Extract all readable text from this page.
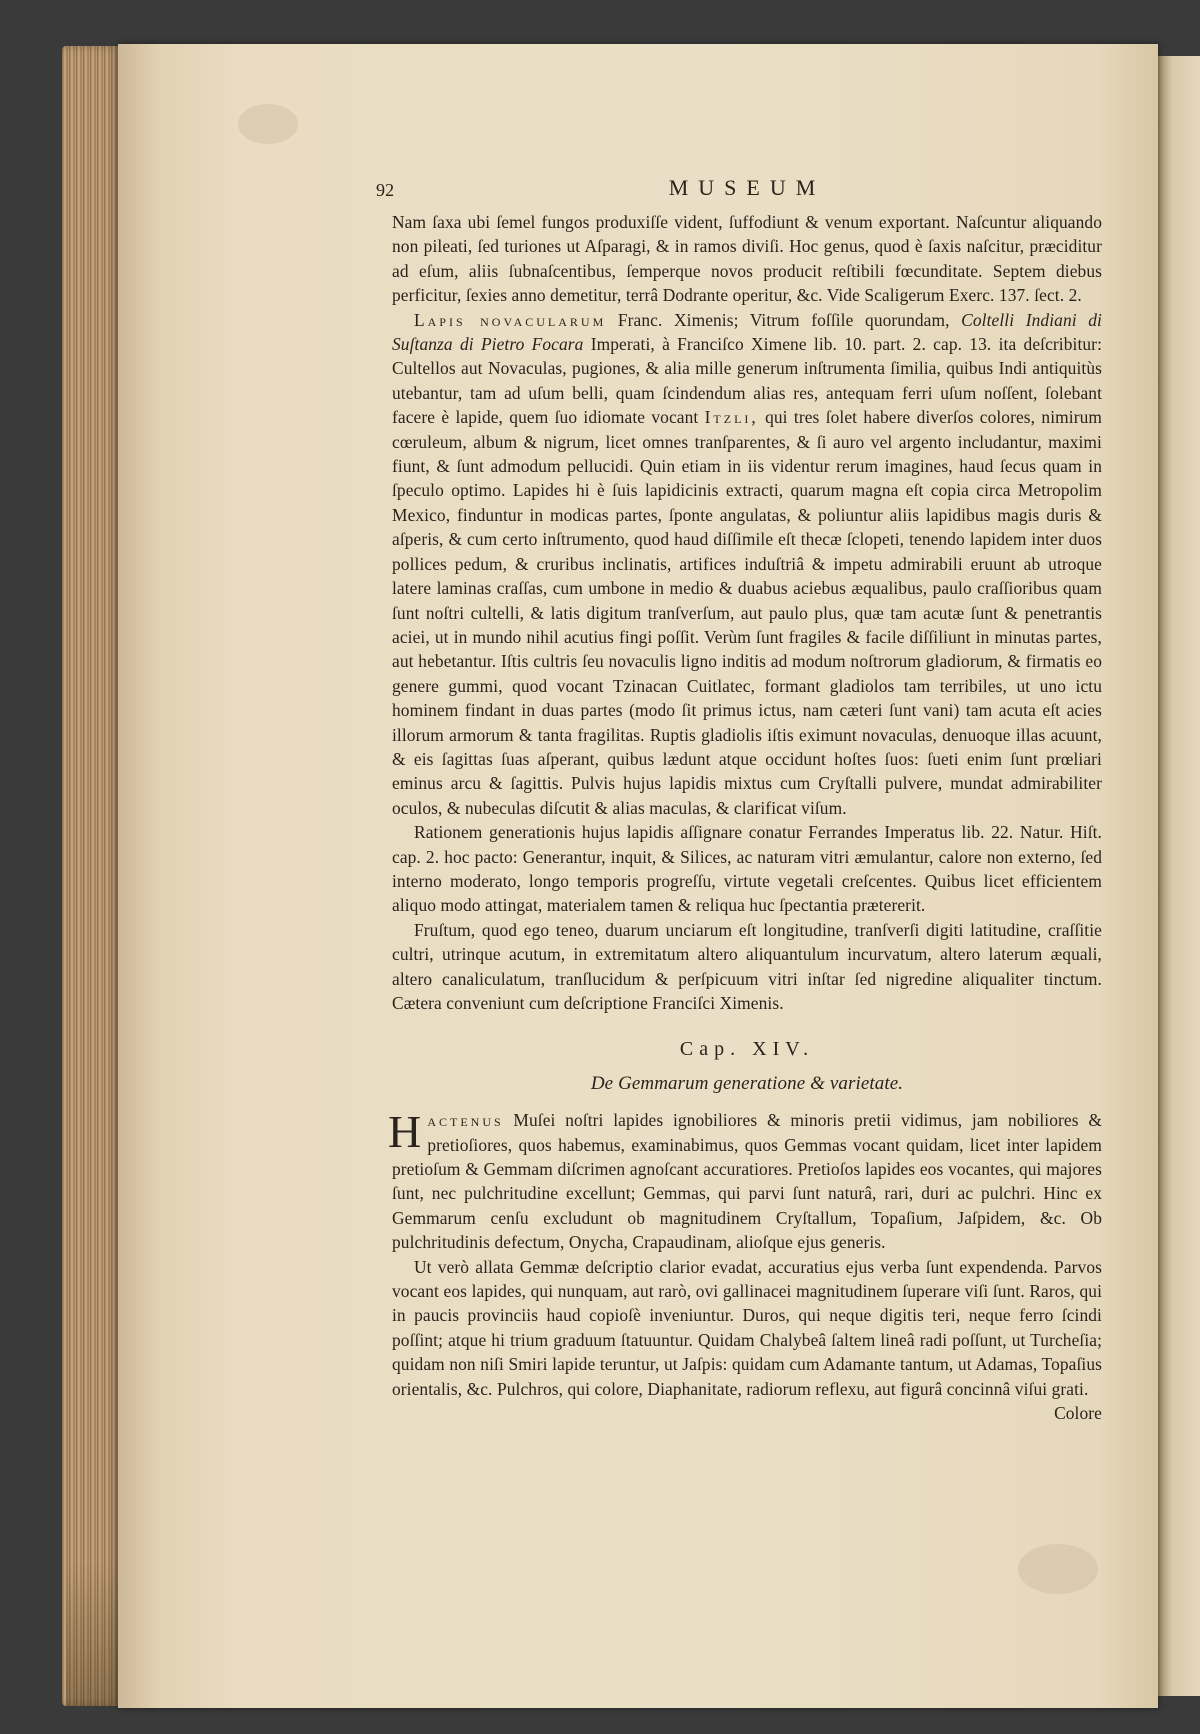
92	MUSEUM

Nam ſaxa ubi ſemel fungos produxiſſe vident, ſuffodiunt & venum exportant. Naſcuntur aliquando non pileati, ſed turiones ut Aſparagi, & in ramos diviſi. Hoc genus, quod è ſaxis naſcitur, præciditur ad eſum, aliis ſubnaſcentibus, ſemperque novos producit reſtibili fœcunditate. Septem diebus perficitur, ſexies anno demetitur, terrâ Dodrante operitur, &c. Vide Scaligerum Exerc. 137. ſect. 2.

Lapis novacularum Franc. Ximenis; Vitrum foſſile quorundam, Coltelli Indiani di Suſtanza di Pietro Focara Imperati, à Franciſco Ximene lib. 10. part. 2. cap. 13. ita deſcribitur: Cultellos aut Novaculas, pugiones, & alia mille generum inſtrumenta ſimilia, quibus Indi antiquitùs utebantur, tam ad uſum belli, quam ſcindendum alias res, antequam ferri uſum noſſent, ſolebant facere è lapide, quem ſuo idiomate vocant Itzli, qui tres ſolet habere diverſos colores, nimirum cœruleum, album & nigrum, licet omnes tranſparentes, & ſi auro vel argento includantur, maximi fiunt, & ſunt admodum pellucidi. Quin etiam in iis videntur rerum imagines, haud ſecus quam in ſpeculo optimo. Lapides hi è ſuis lapidicinis extracti, quarum magna eſt copia circa Metropolim Mexico, finduntur in modicas partes, ſponte angulatas, & poliuntur aliis lapidibus magis duris & aſperis, & cum certo inſtrumento, quod haud diſſimile eſt thecæ ſclopeti, tenendo lapidem inter duos pollices pedum, & cruribus inclinatis, artifices induſtriâ & impetu admirabili eruunt ab utroque latere laminas craſſas, cum umbone in medio & duabus aciebus æqualibus, paulo craſſioribus quam ſunt noſtri cultelli, & latis digitum tranſverſum, aut paulo plus, quæ tam acutæ ſunt & penetrantis aciei, ut in mundo nihil acutius fingi poſſit. Verùm ſunt fragiles & facile diſſiliunt in minutas partes, aut hebetantur. Iſtis cultris ſeu novaculis ligno inditis ad modum noſtrorum gladiorum, & firmatis eo genere gummi, quod vocant Tzinacan Cuitlatec, formant gladiolos tam terribiles, ut uno ictu hominem findant in duas partes (modo ſit primus ictus, nam cæteri ſunt vani) tam acuta eſt acies illorum armorum & tanta fragilitas. Ruptis gladiolis iſtis eximunt novaculas, denuoque illas acuunt, & eis ſagittas ſuas aſperant, quibus lædunt atque occidunt hoſtes ſuos: ſueti enim ſunt prœliari eminus arcu & ſagittis. Pulvis hujus lapidis mixtus cum Cryſtalli pulvere, mundat admirabiliter oculos, & nubeculas diſcutit & alias maculas, & clarificat viſum.

Rationem generationis hujus lapidis aſſignare conatur Ferrandes Imperatus lib. 22. Natur. Hiſt. cap. 2. hoc pacto: Generantur, inquit, & Silices, ac naturam vitri æmulantur, calore non externo, ſed interno moderato, longo temporis progreſſu, virtute vegetali creſcentes. Quibus licet efficientem aliquo modo attingat, materialem tamen & reliqua huc ſpectantia prætererit.

Fruſtum, quod ego teneo, duarum unciarum eſt longitudine, tranſverſi digiti latitudine, craſſitie cultri, utrinque acutum, in extremitatum altero aliquantulum incurvatum, altero laterum æquali, altero canaliculatum, tranſlucidum & perſpicuum vitri inſtar ſed nigredine aliqualiter tinctum. Cætera conveniunt cum deſcriptione Franciſci Ximenis.

Cap. XIV.
De Gemmarum generatione & varietate.

Hactenus Muſei noſtri lapides ignobiliores & minoris pretii vidimus, jam nobiliores & pretioſiores, quos habemus, examinabimus, quos Gemmas vocant quidam, licet inter lapidem pretioſum & Gemmam diſcrimen agnoſcant accuratiores. Pretioſos lapides eos vocantes, qui majores ſunt, nec pulchritudine excellunt; Gemmas, qui parvi ſunt naturâ, rari, duri ac pulchri. Hinc ex Gemmarum cenſu excludunt ob magnitudinem Cryſtallum, Topaſium, Jaſpidem, &c. Ob pulchritudinis defectum, Onycha, Crapaudinam, alioſque ejus generis.

Ut verò allata Gemmæ deſcriptio clarior evadat, accuratius ejus verba ſunt expendenda. Parvos vocant eos lapides, qui nunquam, aut rarò, ovi gallinacei magnitudinem ſuperare viſi ſunt. Raros, qui in paucis provinciis haud copioſè inveniuntur. Duros, qui neque digitis teri, neque ferro ſcindi poſſint; atque hi trium graduum ſtatuuntur. Quidam Chalybeâ ſaltem lineâ radi poſſunt, ut Turcheſia; quidam non niſi Smiri lapide teruntur, ut Jaſpis: quidam cum Adamante tantum, ut Adamas, Topaſius orientalis, &c. Pulchros, qui colore, Diaphanitate, radiorum reflexu, aut figurâ concinnâ viſui grati.

Colore
